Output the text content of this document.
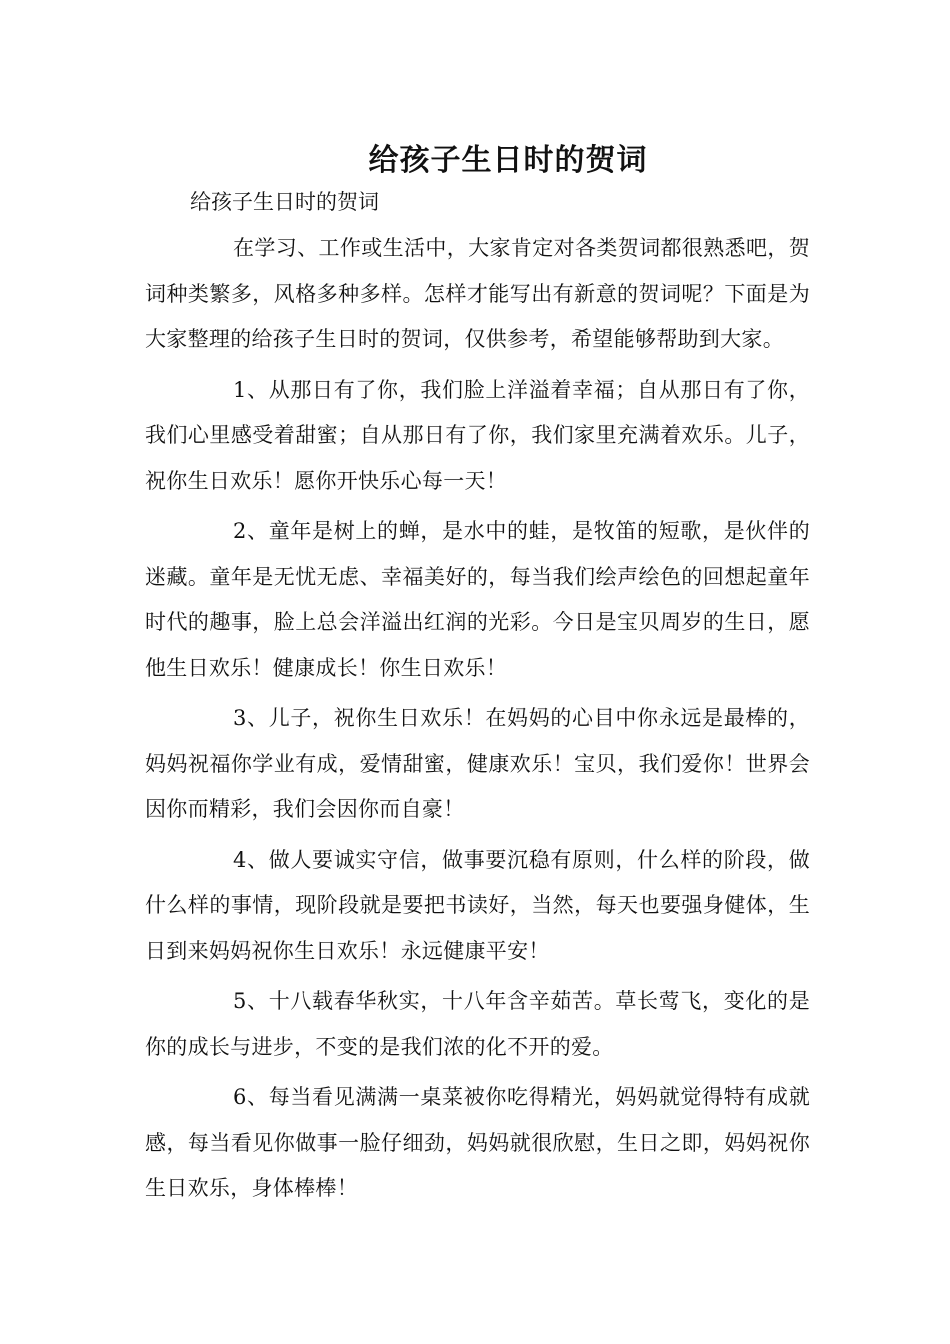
给孩子生日时的贺词
给孩子生日时的贺词

在学习、工作或生活中，大家肯定对各类贺词都很熟悉吧，贺词种类繁多，风格多种多样。怎样才能写出有新意的贺词呢？下面是为大家整理的给孩子生日时的贺词，仅供参考，希望能够帮助到大家。

1、从那日有了你，我们脸上洋溢着幸福；自从那日有了你，我们心里感受着甜蜜；自从那日有了你，我们家里充满着欢乐。儿子，祝你生日欢乐！愿你开快乐心每一天！

2、童年是树上的蝉，是水中的蛙，是牧笛的短歌，是伙伴的迷藏。童年是无忧无虑、幸福美好的，每当我们绘声绘色的回想起童年时代的趣事，脸上总会洋溢出红润的光彩。今日是宝贝周岁的生日，愿他生日欢乐！健康成长！你生日欢乐！

3、儿子，祝你生日欢乐！在妈妈的心目中你永远是最棒的，妈妈祝福你学业有成，爱情甜蜜，健康欢乐！宝贝，我们爱你！世界会因你而精彩，我们会因你而自豪！

4、做人要诚实守信，做事要沉稳有原则，什么样的阶段，做什么样的事情，现阶段就是要把书读好，当然，每天也要强身健体，生日到来妈妈祝你生日欢乐！永远健康平安！

5、十八载春华秋实，十八年含辛茹苦。草长莺飞，变化的是你的成长与进步，不变的是我们浓的化不开的爱。

6、每当看见满满一桌菜被你吃得精光，妈妈就觉得特有成就感，每当看见你做事一脸仔细劲，妈妈就很欣慰，生日之即，妈妈祝你生日欢乐，身体棒棒！
